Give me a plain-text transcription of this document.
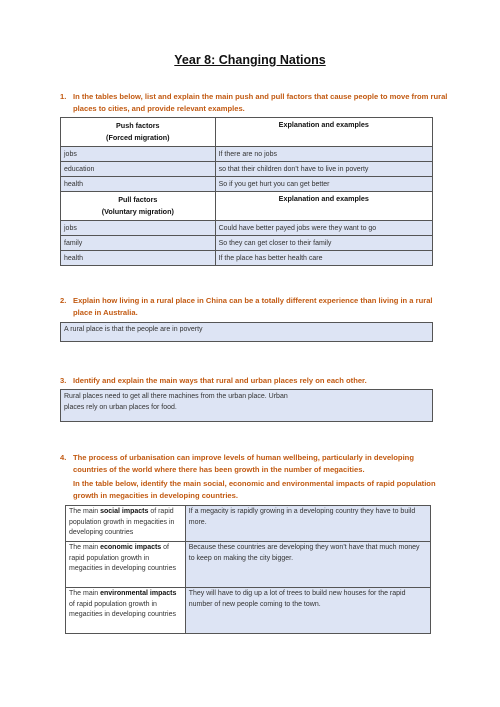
Year 8: Changing Nations
1. In the tables below, list and explain the main push and pull factors that cause people to move from rural places to cities, and provide relevant examples.
Push factors
(Forced migration)	Explanation and examples
jobs	If there are no jobs
education	so that their children don’t have to live in poverty
health	So if you get hurt you can get better

Pull factors
(Voluntary migration)	Explanation and examples
jobs	Could have better payed jobs were they want to go
family	So they can get closer to their family
health	If the place has better health care
2. Explain how living in a rural place in China can be a totally different experience than living in a rural place in Australia.
A rural place is that the people are in poverty
3. Identify and explain the main ways that rural and urban places rely on each other.
Rural places need to get all there machines from the urban place. Urban
places rely on urban places for food.
4. The process of urbanisation can improve levels of human wellbeing, particularly in developing countries of the world where there has been growth in the number of megacities.
In the table below, identify the main social, economic and environmental impacts of rapid population growth in megacities in developing countries.
The main social impacts of rapid population growth in megacities in developing countries	If a megacity is rapidly growing in a developing country they have to build more.
The main economic impacts of rapid population growth in megacities in developing countries	Because these countries are developing they won’t have that much money to keep on making the city bigger.
The main environmental impacts of rapid population growth in megacities in developing countries	They will have to dig up a lot of trees to build new houses for the rapid number of new people coming to the town.
